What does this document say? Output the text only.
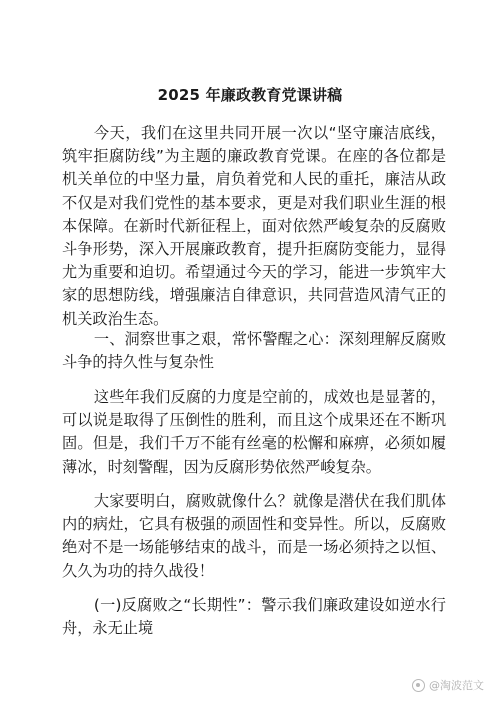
2025 年廉政教育党课讲稿

今天，我们在这里共同开展一次以“坚守廉洁底线，筑牢拒腐防线”为主题的廉政教育党课。在座的各位都是机关单位的中坚力量，肩负着党和人民的重托，廉洁从政不仅是对我们党性的基本要求，更是对我们职业生涯的根本保障。在新时代新征程上，面对依然严峻复杂的反腐败斗争形势，深入开展廉政教育，提升拒腐防变能力，显得尤为重要和迫切。希望通过今天的学习，能进一步筑牢大家的思想防线，增强廉洁自律意识，共同营造风清气正的机关政治生态。

一、洞察世事之艰，常怀警醒之心：深刻理解反腐败斗争的持久性与复杂性

这些年我们反腐的力度是空前的，成效也是显著的，可以说是取得了压倒性的胜利，而且这个成果还在不断巩固。但是，我们千万不能有丝毫的松懈和麻痹，必须如履薄冰，时刻警醒，因为反腐形势依然严峻复杂。

大家要明白，腐败就像什么？就像是潜伏在我们肌体内的病灶，它具有极强的顽固性和变异性。所以，反腐败绝对不是一场能够结束的战斗，而是一场必须持之以恒、久久为功的持久战役！

(一)反腐败之“长期性”：警示我们廉政建设如逆水行舟，永无止境

@淘波范文
